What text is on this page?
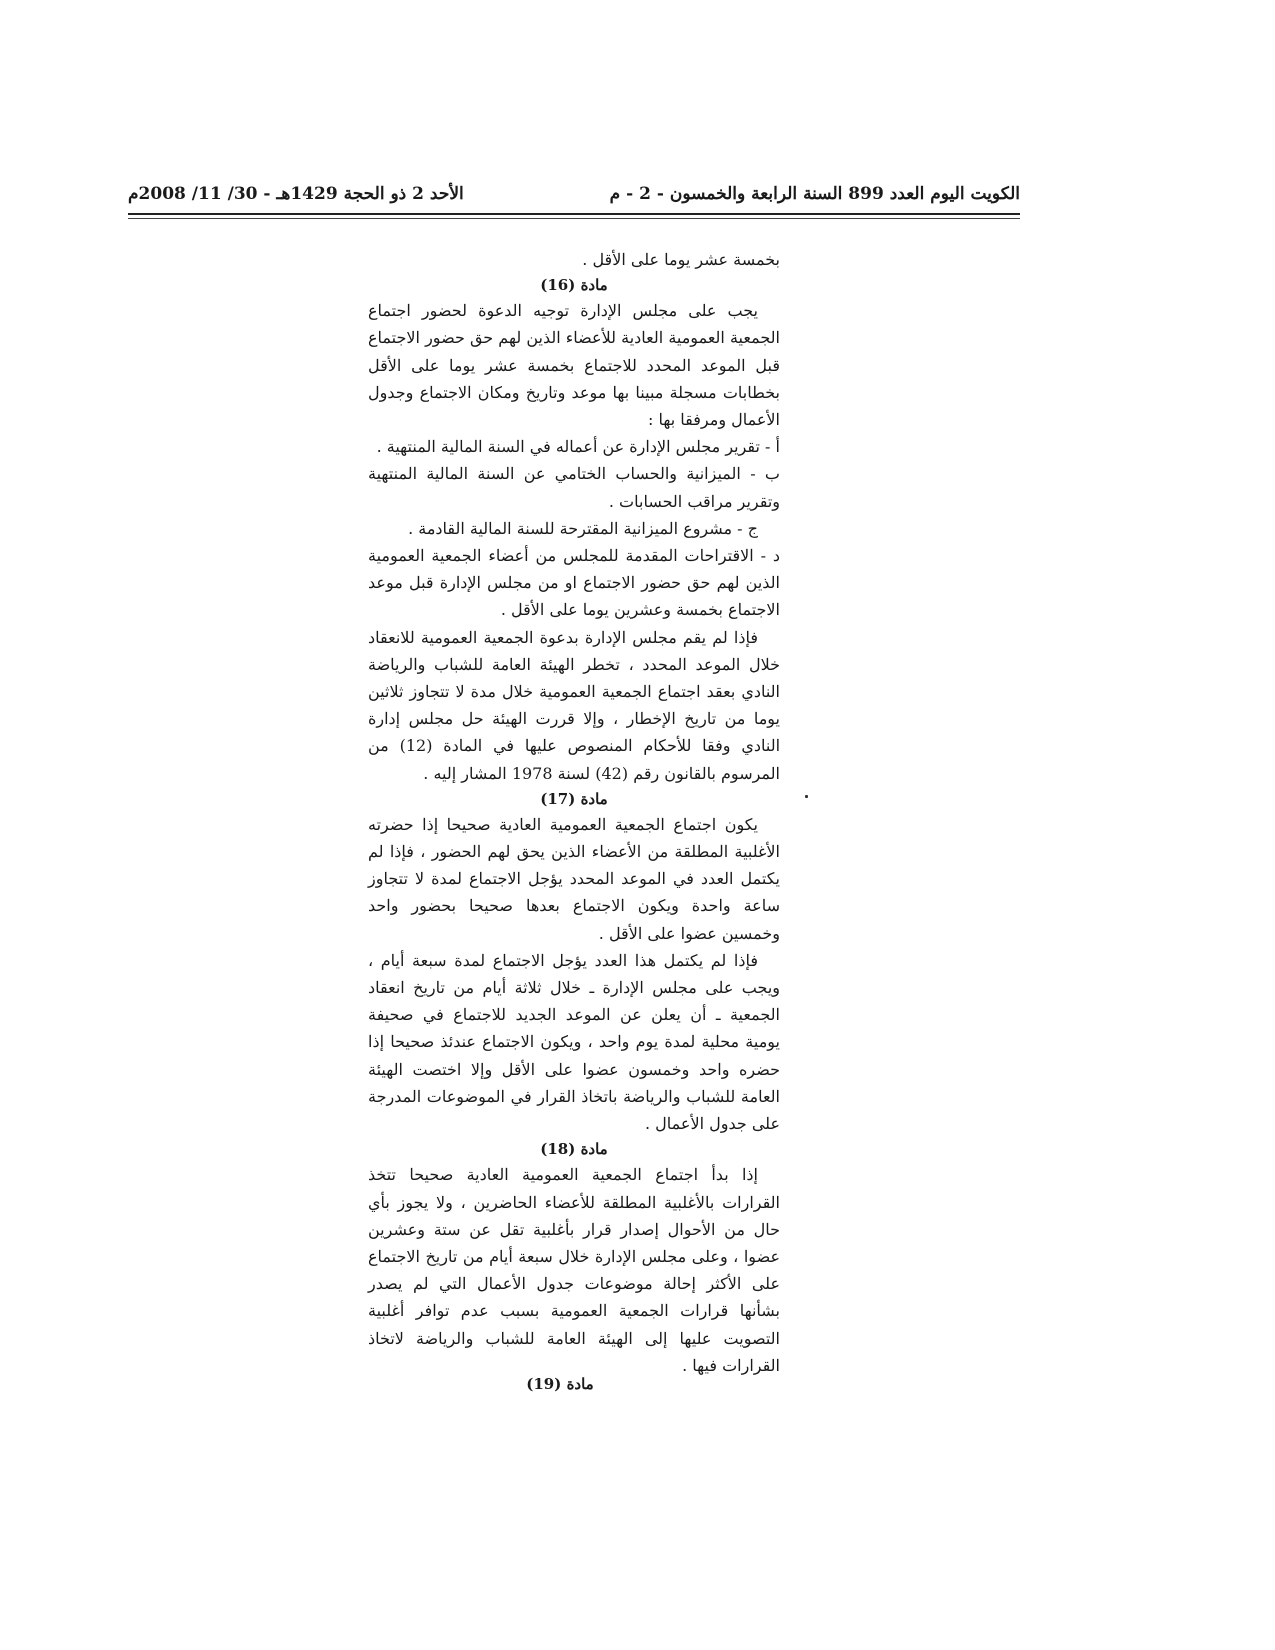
الأحد 2 ذو الحجة 1429هـ - 30/ 11/ 2008م	الكويت اليوم العدد 899 السنة الرابعة والخمسون - 2 - م

بخمسة عشر يوما على الأقل .

مادة (16)

يجب على مجلس الإدارة توجيه الدعوة لحضور اجتماع الجمعية العمومية العادية للأعضاء الذين لهم حق حضور الاجتماع قبل الموعد المحدد للاجتماع بخمسة عشر يوما على الأقل بخطابات مسجلة مبينا بها موعد وتاريخ ومكان الاجتماع وجدول الأعمال ومرفقا بها :

أ - تقرير مجلس الإدارة عن أعماله في السنة المالية المنتهية .

ب - الميزانية والحساب الختامي عن السنة المالية المنتهية وتقرير مراقب الحسابات .

ج - مشروع الميزانية المقترحة للسنة المالية القادمة .

د - الاقتراحات المقدمة للمجلس من أعضاء الجمعية العمومية الذين لهم حق حضور الاجتماع او من مجلس الإدارة قبل موعد الاجتماع بخمسة وعشرين يوما على الأقل .

فإذا لم يقم مجلس الإدارة بدعوة الجمعية العمومية للانعقاد خلال الموعد المحدد ، تخطر الهيئة العامة للشباب والرياضة النادي بعقد اجتماع الجمعية العمومية خلال مدة لا تتجاوز ثلاثين يوما من تاريخ الإخطار ، وإلا قررت الهيئة حل مجلس إدارة النادي وفقا للأحكام المنصوص عليها في المادة (12) من المرسوم بالقانون رقم (42) لسنة 1978 المشار إليه .

مادة (17)

يكون اجتماع الجمعية العمومية العادية صحيحا إذا حضرته الأغلبية المطلقة من الأعضاء الذين يحق لهم الحضور ، فإذا لم يكتمل العدد في الموعد المحدد يؤجل الاجتماع لمدة لا تتجاوز ساعة واحدة ويكون الاجتماع بعدها صحيحا بحضور واحد وخمسين عضوا على الأقل .

فإذا لم يكتمل هذا العدد يؤجل الاجتماع لمدة سبعة أيام ، ويجب على مجلس الإدارة ـ خلال ثلاثة أيام من تاريخ انعقاد الجمعية ـ أن يعلن عن الموعد الجديد للاجتماع في صحيفة يومية محلية لمدة يوم واحد ، ويكون الاجتماع عندئذ صحيحا إذا حضره واحد وخمسون عضوا على الأقل وإلا اختصت الهيئة العامة للشباب والرياضة باتخاذ القرار في الموضوعات المدرجة على جدول الأعمال .

مادة (18)

إذا بدأ اجتماع الجمعية العمومية العادية صحيحا تتخذ القرارات بالأغلبية المطلقة للأعضاء الحاضرين ، ولا يجوز بأي حال من الأحوال إصدار قرار بأغلبية تقل عن ستة وعشرين عضوا ، وعلى مجلس الإدارة خلال سبعة أيام من تاريخ الاجتماع على الأكثر إحالة موضوعات جدول الأعمال التي لم يصدر بشأنها قرارات الجمعية العمومية بسبب عدم توافر أغلبية التصويت عليها إلى الهيئة العامة للشباب والرياضة لاتخاذ القرارات فيها .

مادة (19)
